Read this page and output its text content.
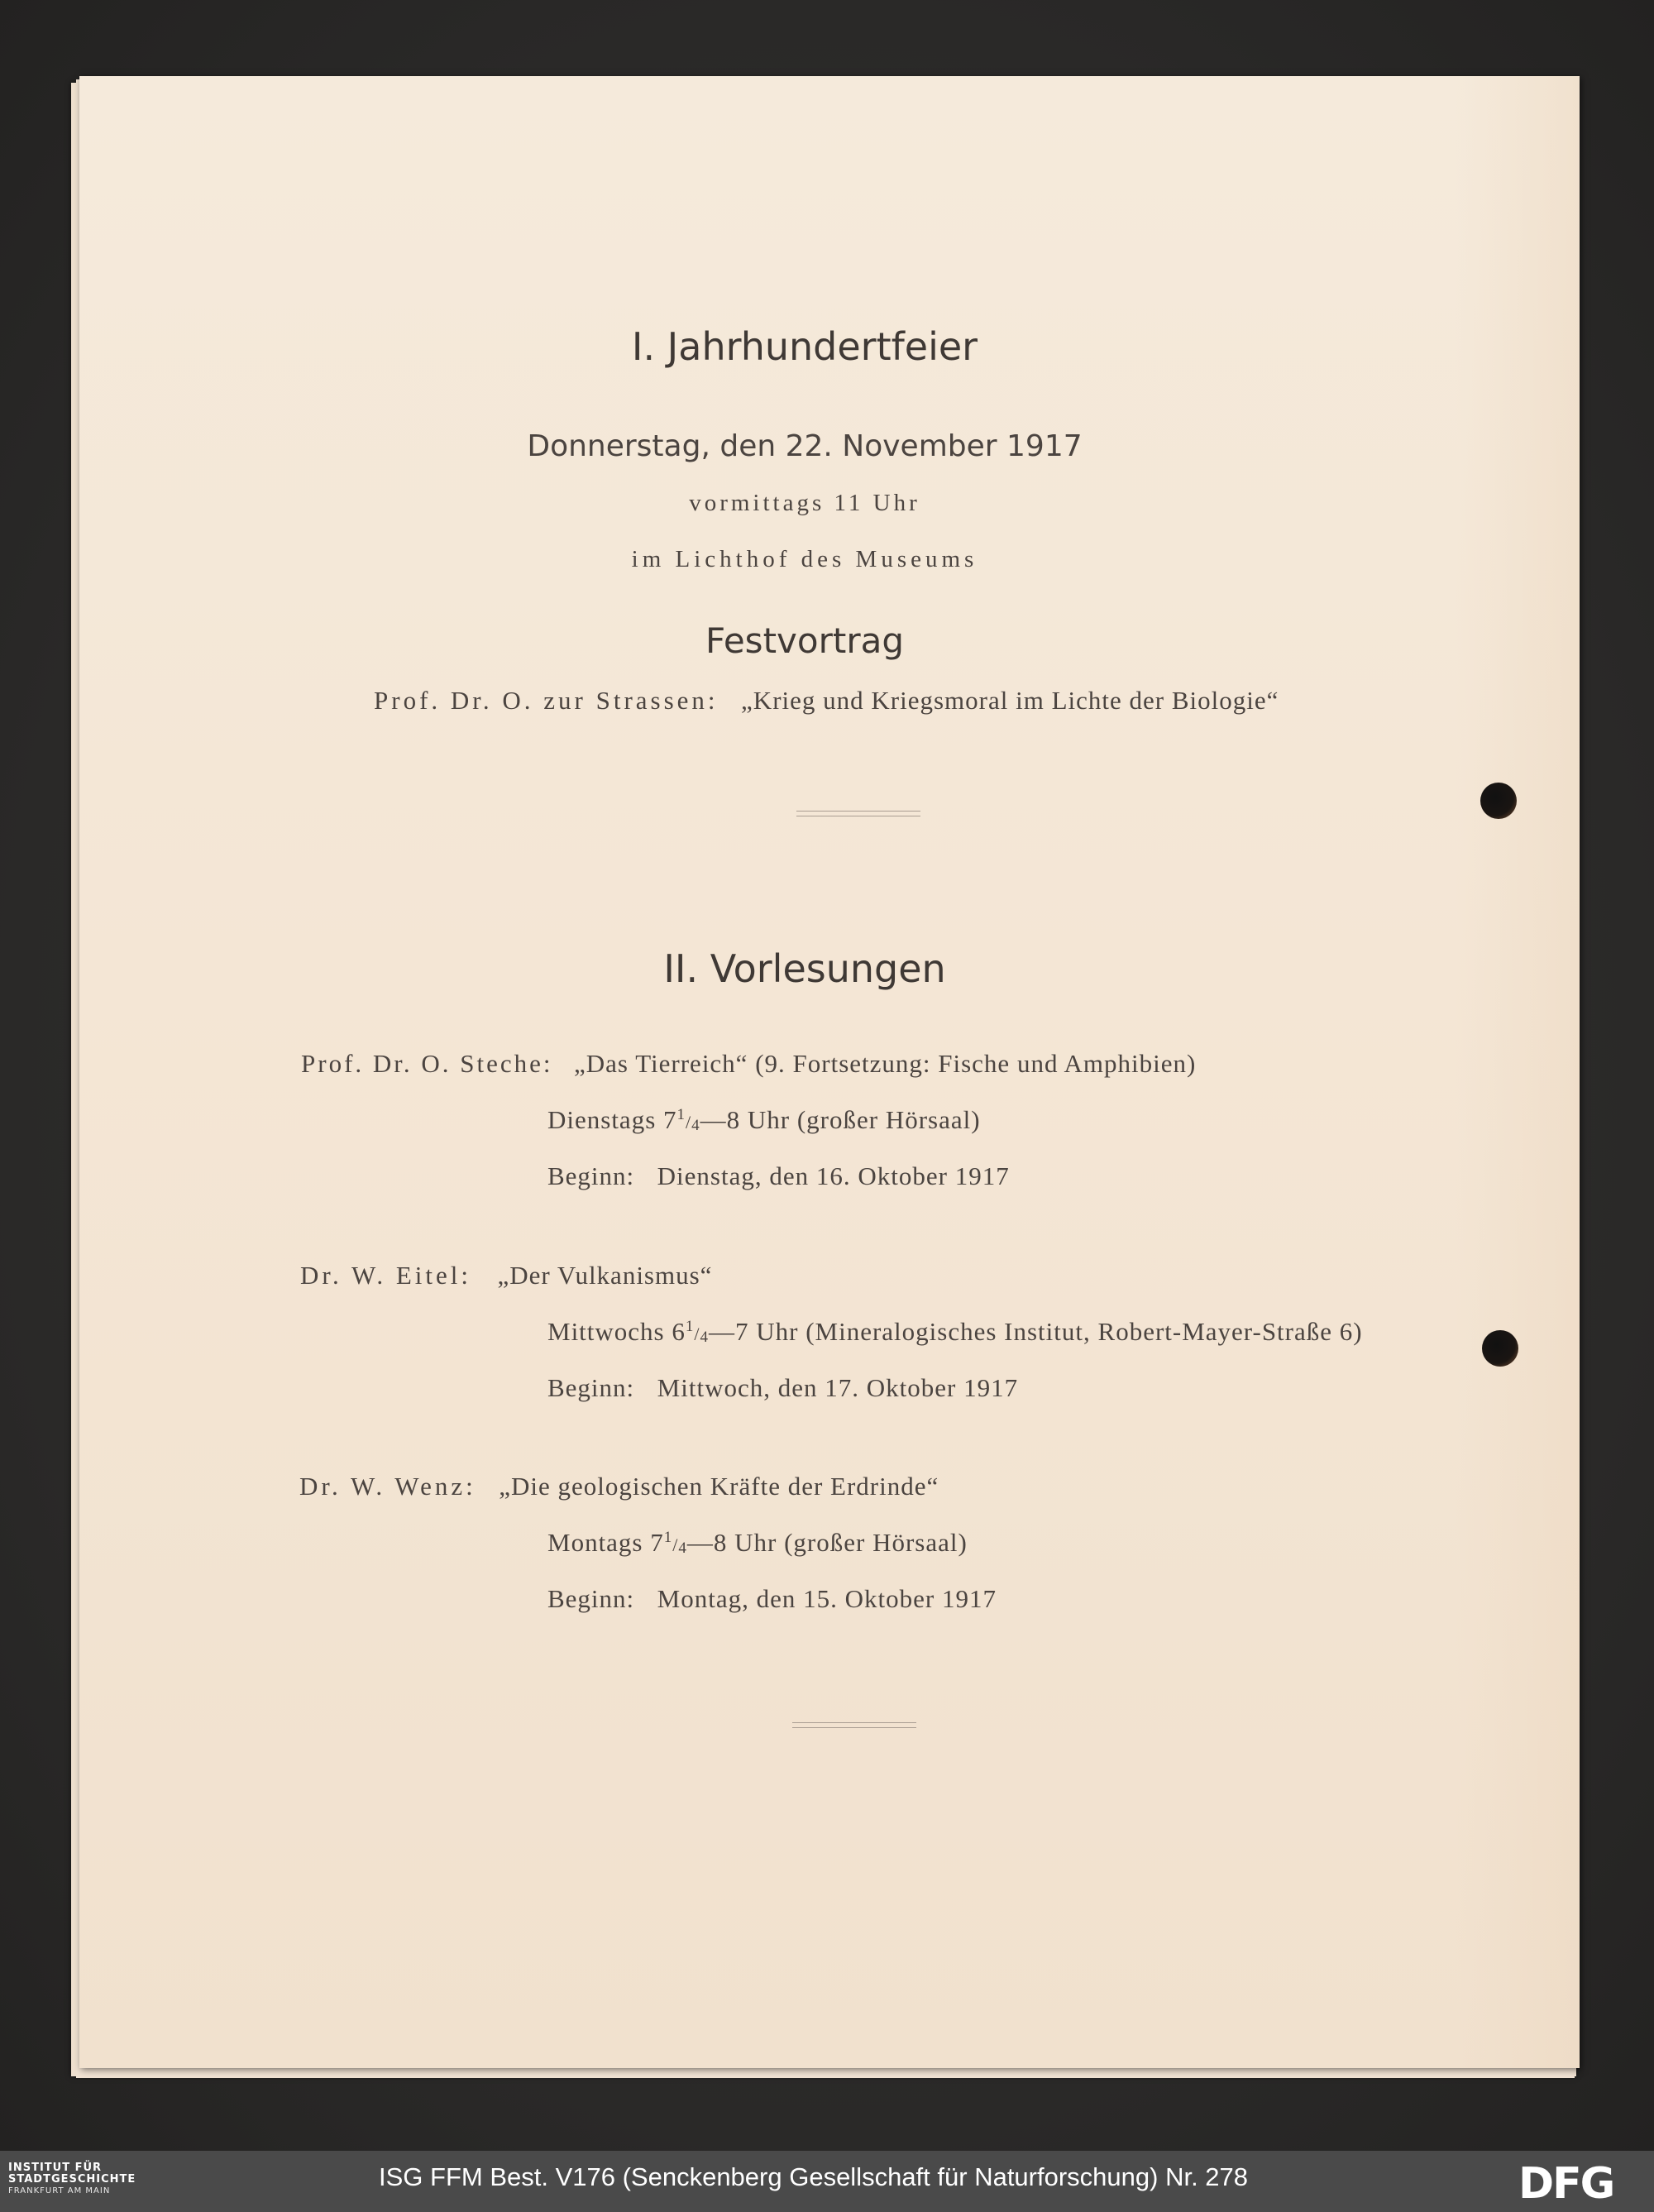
I. Jahrhundertfeier
Donnerstag, den 22. November 1917
vormittags 11 Uhr
im Lichthof des Museums
Festvortrag
Prof. Dr. O. zur Strassen: „Krieg und Kriegsmoral im Lichte der Biologie“
II. Vorlesungen
Prof. Dr. O. Steche: „Das Tierreich“ (9. Fortsetzung: Fische und Amphibien)
Dienstags $7^1/4—8$ Uhr (großer Hörsaal)
Beginn: Dienstag, den 16. Oktober 1917
Dr. W. Eitel: „Der Vulkanismus“
Mittwochs $6^1/4—7$ Uhr (Mineralogisches Institut, Robert-Mayer-Straße 6)
Beginn: Mittwoch, den 17. Oktober 1917
Dr. W. Wenz: „Die geologischen Kräfte der Erdrinde“
Montags $7^1/4—8$ Uhr (großer Hörsaal)
Beginn: Montag, den 15. Oktober 1917
INSTITUT FÜR
STADTGESCHICHTE
FRANKFURT AM MAIN	ISG FFM Best. V176 (Senckenberg Gesellschaft für Naturforschung) Nr. 278	DFG
